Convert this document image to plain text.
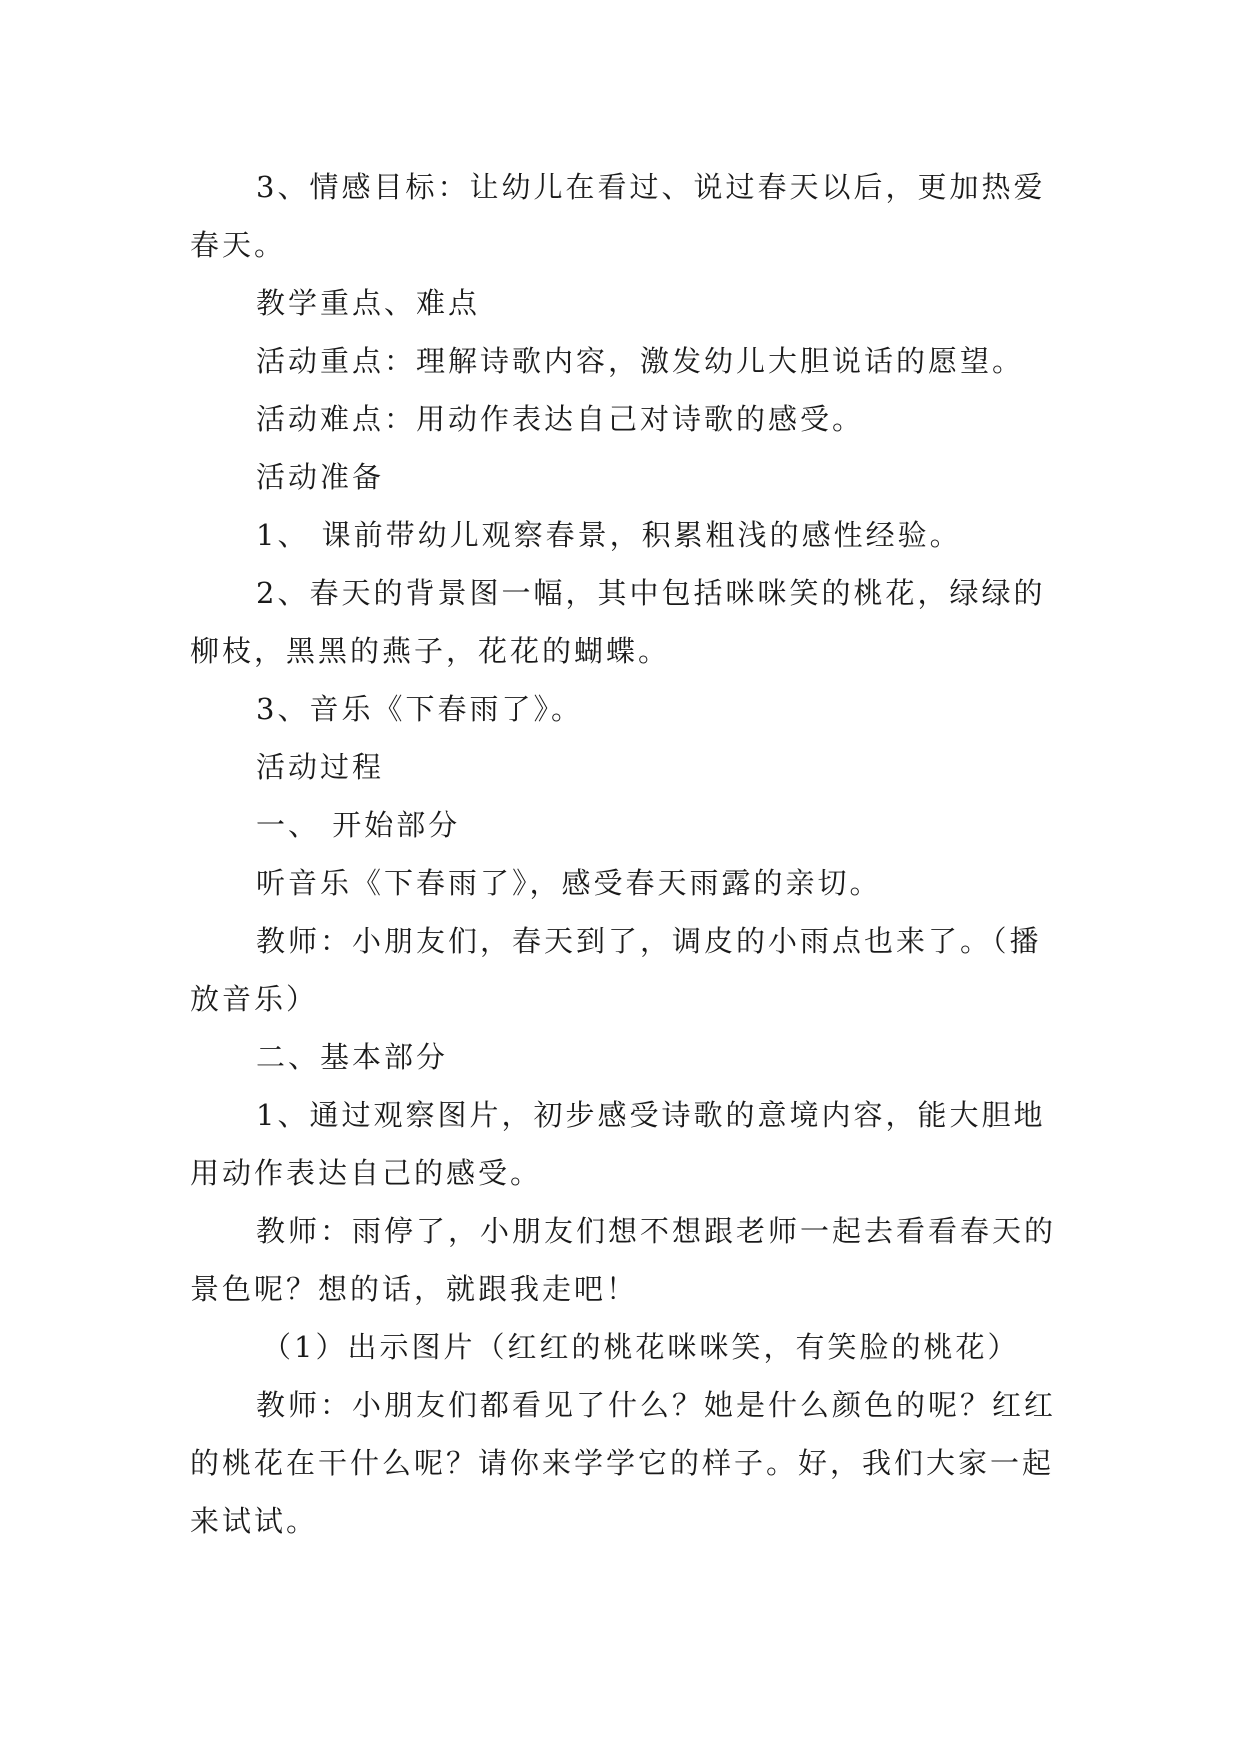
3、情感目标：让幼儿在看过、说过春天以后，更加热爱春天。

教学重点、难点

活动重点：理解诗歌内容，激发幼儿大胆说话的愿望。

活动难点：用动作表达自己对诗歌的感受。

活动准备

1、 课前带幼儿观察春景，积累粗浅的感性经验。

2、春天的背景图一幅，其中包括咪咪笑的桃花，绿绿的柳枝，黑黑的燕子，花花的蝴蝶。

3、音乐《下春雨了》。

活动过程

一、 开始部分

听音乐《下春雨了》，感受春天雨露的亲切。

教师：小朋友们，春天到了，调皮的小雨点也来了。（播放音乐）

二、基本部分

1、通过观察图片，初步感受诗歌的意境内容，能大胆地用动作表达自己的感受。

教师：雨停了，小朋友们想不想跟老师一起去看看春天的景色呢？想的话，就跟我走吧！

（1）出示图片（红红的桃花咪咪笑，有笑脸的桃花）

教师：小朋友们都看见了什么？她是什么颜色的呢？红红的桃花在干什么呢？请你来学学它的样子。好，我们大家一起来试试。
